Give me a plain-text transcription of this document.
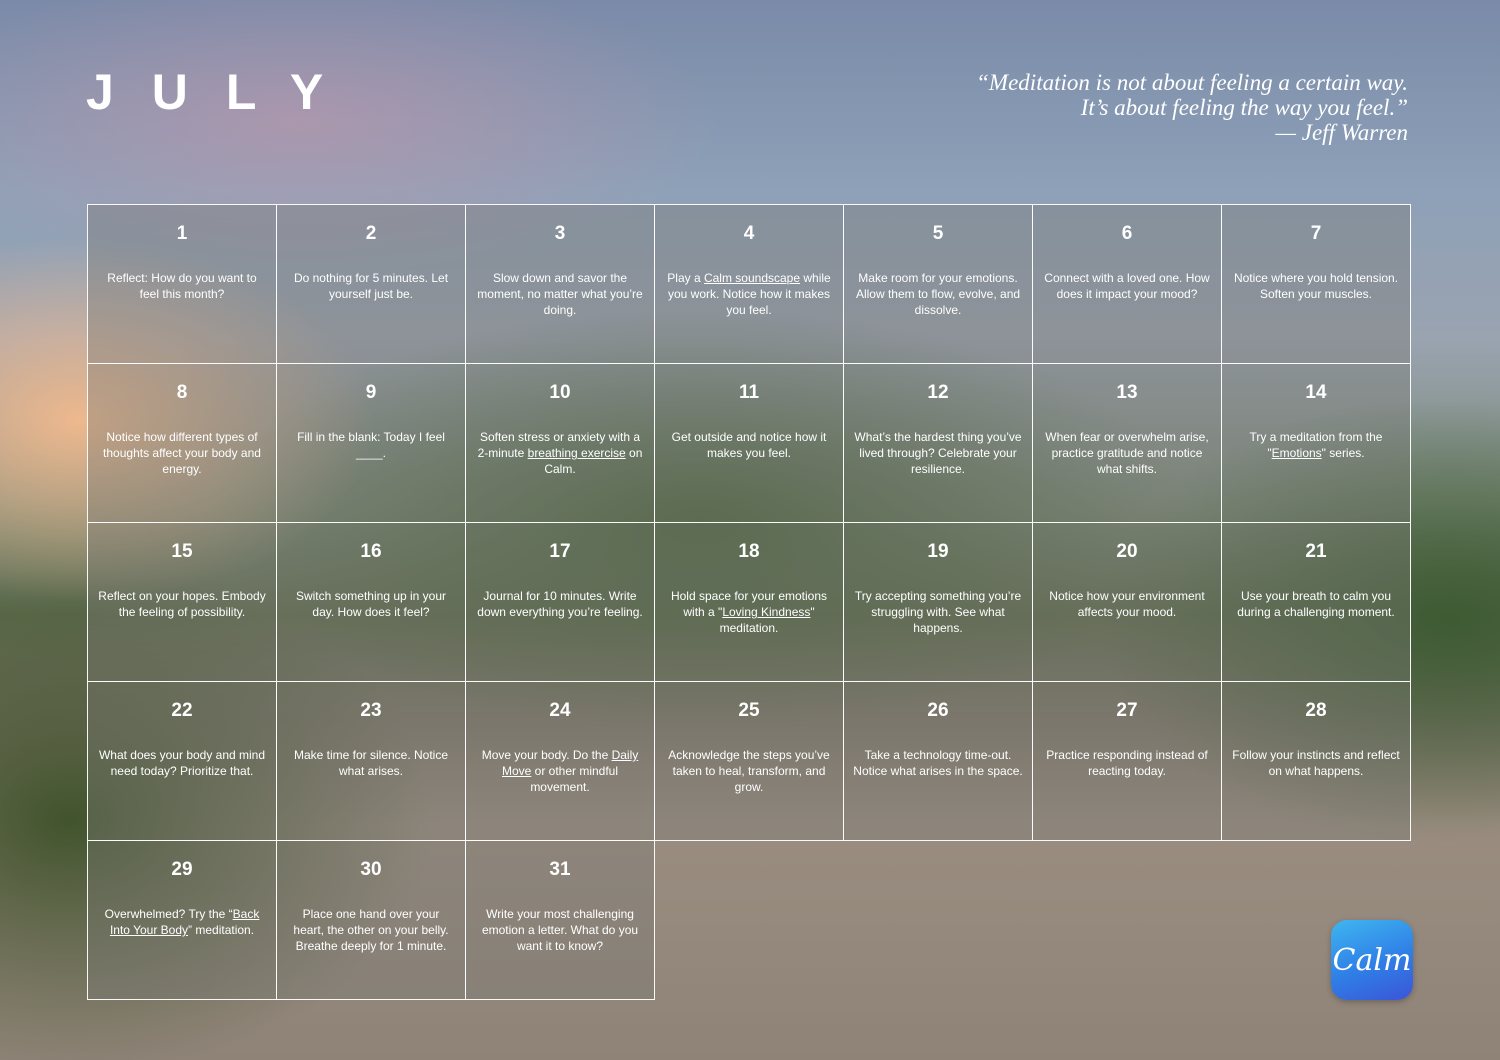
JULY	“Meditation is not about feeling a certain way.
It’s about feeling the way you feel.”
— Jeff Warren
1
Reflect: How do you want to feel this month?
2
Do nothing for 5 minutes. Let yourself just be.
3
Slow down and savor the moment, no matter what you’re doing.
4
Play a Calm soundscape while you work. Notice how it makes you feel.
5
Make room for your emotions. Allow them to flow, evolve, and dissolve.
6
Connect with a loved one. How does it impact your mood?
7
Notice where you hold tension. Soften your muscles.
8
Notice how different types of thoughts affect your body and energy.
9
Fill in the blank: Today I feel ____.
10
Soften stress or anxiety with a 2-minute breathing exercise on Calm.
11
Get outside and notice how it makes you feel.
12
What’s the hardest thing you’ve lived through? Celebrate your resilience.
13
When fear or overwhelm arise, practice gratitude and notice what shifts.
14
Try a meditation from the "Emotions" series.
15
Reflect on your hopes. Embody the feeling of possibility.
16
Switch something up in your day. How does it feel?
17
Journal for 10 minutes. Write down everything you’re feeling.
18
Hold space for your emotions with a "Loving Kindness" meditation.
19
Try accepting something you’re struggling with. See what happens.
20
Notice how your environment affects your mood.
21
Use your breath to calm you during a challenging moment.
22
What does your body and mind need today? Prioritize that.
23
Make time for silence. Notice what arises.
24
Move your body. Do the Daily Move or other mindful movement.
25
Acknowledge the steps you’ve taken to heal, transform, and grow.
26
Take a technology time-out. Notice what arises in the space.
27
Practice responding instead of reacting today.
28
Follow your instincts and reflect on what happens.
29
Overwhelmed? Try the “Back Into Your Body” meditation.
30
Place one hand over your heart, the other on your belly. Breathe deeply for 1 minute.
31
Write your most challenging emotion a letter. What do you want it to know?	Calm
